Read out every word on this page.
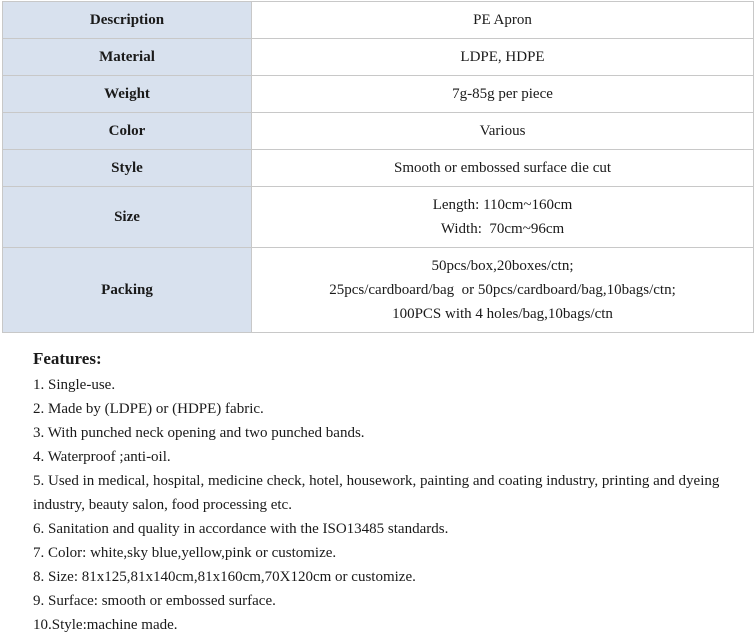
Description	PE Apron

Material	LDPE, HDPE

Weight	7g-85g per piece

Color	Various

Style	Smooth or embossed surface die cut

Size	Length: 110cm~160cm
Width:  70cm~96cm

Packing	50pcs/box,20boxes/ctn;
25pcs/cardboard/bag  or 50pcs/cardboard/bag,10bags/ctn;
100PCS with 4 holes/bag,10bags/ctn
Features:
1. Single-use.
2. Made by (LDPE) or (HDPE) fabric.
3. With punched neck opening and two punched bands.
4. Waterproof ;anti-oil.
5. Used in medical, hospital, medicine check, hotel, housework, painting and coating industry, printing and dyeing industry, beauty salon, food processing etc.
6. Sanitation and quality in accordance with the ISO13485 standards.
7. Color: white,sky blue,yellow,pink or customize.
8. Size: 81x125,81x140cm,81x160cm,70X120cm or customize.
9. Surface: smooth or embossed surface.
10.Style:machine made.
